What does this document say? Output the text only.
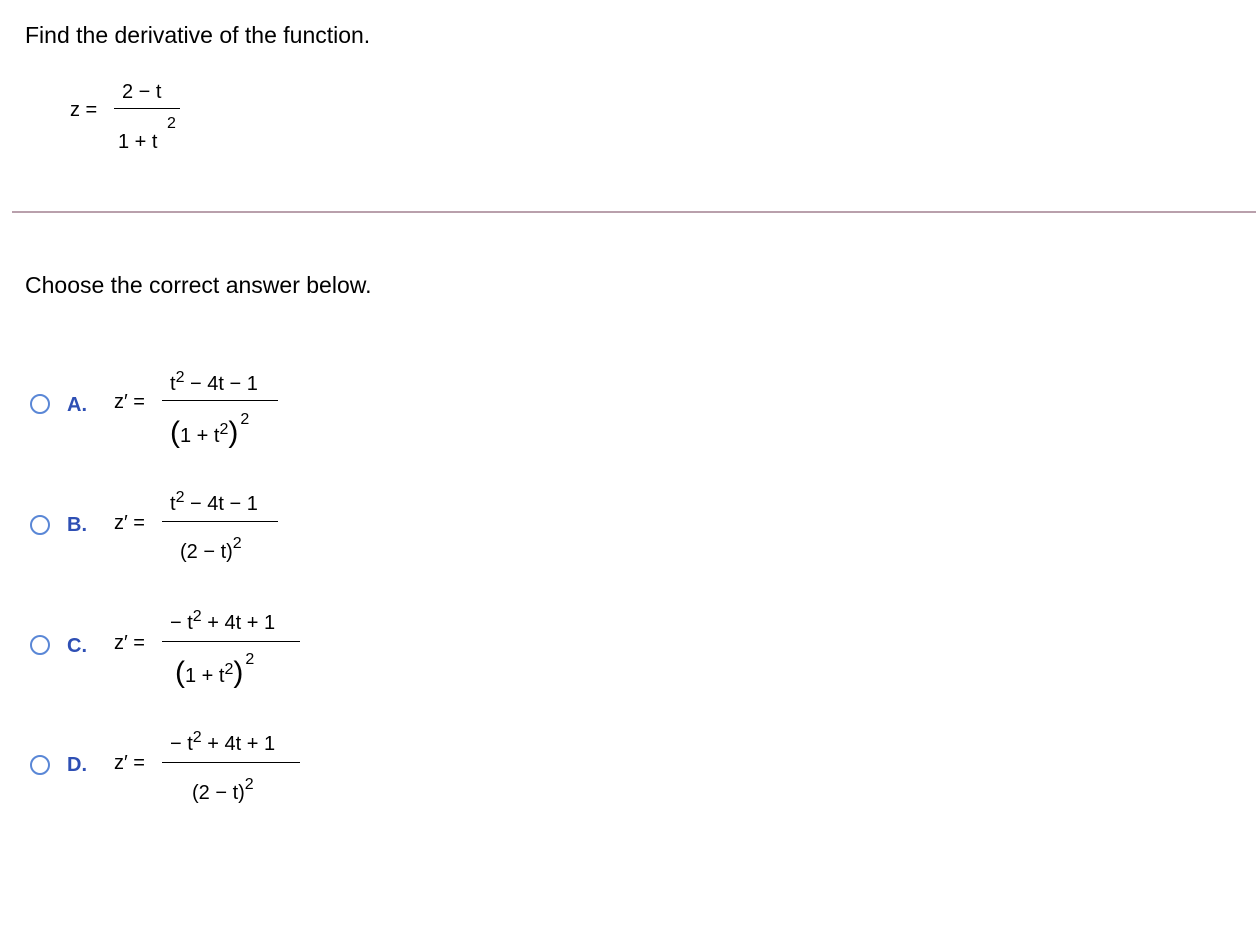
Find the derivative of the function.
z =
2 − t
1 + t
2
Choose the correct answer below.
A. z′ =
$t^2 - 4t - 1$
$(1 + t^2)$ $^2$
B. z′ =
$t^2 - 4t - 1$
$(2 - t)^2$
C. z′ =
− $t^2 + 4t + 1$
$(1 + t^2)$ $^2$
D. z′ =
− $t^2 + 4t + 1$
$(2 - t)^2$
